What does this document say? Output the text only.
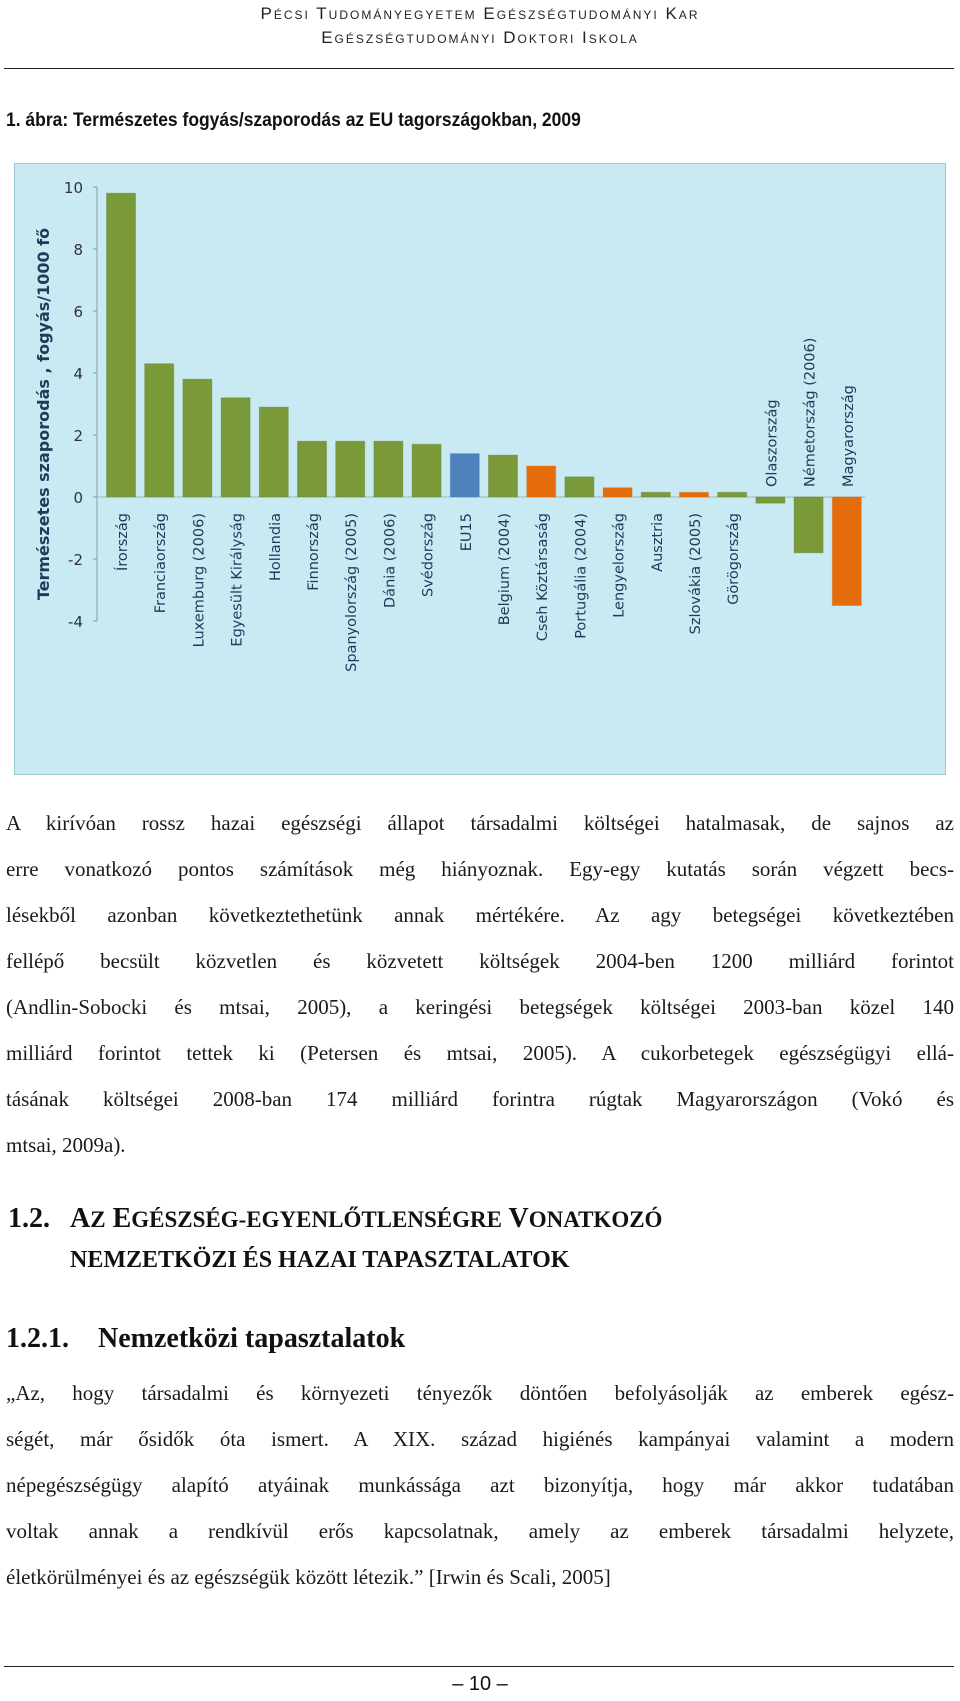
Pécsi Tudományegyetem Egészségtudományi Kar
Egészségtudományi Doktori Iskola
1. ábra: Természetes fogyás/szaporodás az EU tagországokban, 2009
10
8
6
4
2
0
-2
-4
Természetes szaporodás , fogyás/1000 fő	Írország Franciaország Luxemburg (2006) Egyesült Királyság Hollandia Finnország Spanyolország (2005) Dánia (2006) Svédország EU15 Belgium (2004) Cseh Köztársaság Portugália (2004) Lengyelország Ausztria Szlovákia (2005) Görögország
Olaszország Németország (2006) Magyarország
A kirívóan rossz hazai egészségi állapot társadalmi költségei hatalmasak, de sajnos az
erre vonatkozó pontos számítások még hiányoznak. Egy-egy kutatás során végzett becs-
lésekből azonban következtethetünk annak mértékére. Az agy betegségei következtében
fellépő becsült közvetlen és közvetett költségek 2004-ben 1200 milliárd forintot
(Andlin-Sobocki és mtsai, 2005), a keringési betegségek költségei 2003-ban közel 140
milliárd forintot tettek ki (Petersen és mtsai, 2005). A cukorbetegek egészségügyi ellá-
tásának költségei 2008-ban 174 milliárd forintra rúgtak Magyarországon (Vokó és
mtsai, 2009a).
1.2. AZ EGÉSZSÉG-EGYENLŐTLENSÉGRE VONATKOZÓ
NEMZETKÖZI ÉS HAZAI TAPASZTALATOK
1.2.1. Nemzetközi tapasztalatok
„Az, hogy társadalmi és környezeti tényezők döntően befolyásolják az emberek egész-
ségét, már ősidők óta ismert. A XIX. század higiénés kampányai valamint a modern
népegészségügy alapító atyáinak munkássága azt bizonyítja, hogy már akkor tudatában
voltak annak a rendkívül erős kapcsolatnak, amely az emberek társadalmi helyzete,
életkörülményei és az egészségük között létezik.” [Irwin és Scali, 2005]
– 10 –
